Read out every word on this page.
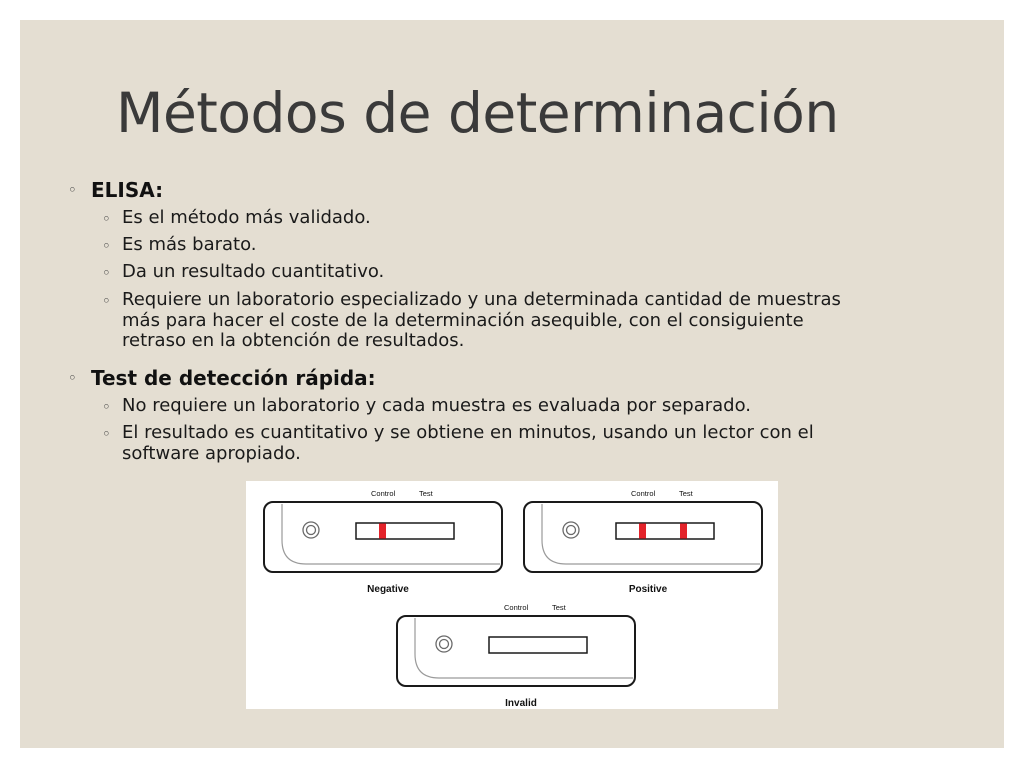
Métodos de determinación
◦ ELISA:
◦ Es el método más validado.
◦ Es más barato.
◦ Da un resultado cuantitativo.
◦ Requiere un laboratorio especializado y una determinada cantidad de muestras
más para hacer el coste de la determinación asequible, con el consiguiente
retraso en la obtención de resultados.
◦ Test de detección rápida:
◦ No requiere un laboratorio y cada muestra es evaluada por separado.
◦ El resultado es cuantitativo y se obtiene en minutos, usando un lector con el
software apropiado.
Control	Test
Negative
Control	Test
Positive
Control	Test
Invalid
